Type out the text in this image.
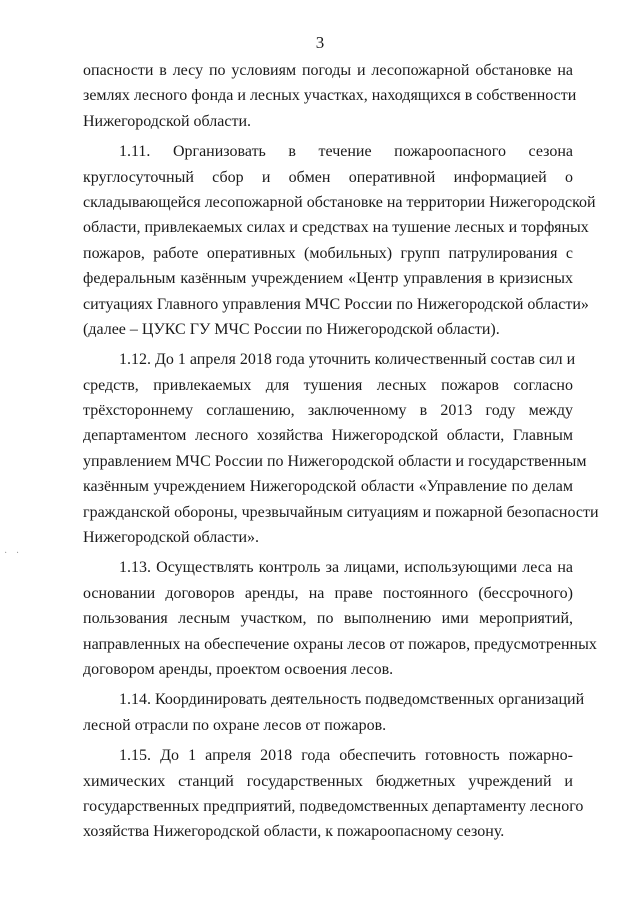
3
опасности в лесу по условиям погоды и лесопожарной обстановке на
землях лесного фонда и лесных участках, находящихся в собственности
Нижегородской области.
1.11. Организовать в течение пожароопасного сезона
круглосуточный сбор и обмен оперативной информацией о
складывающейся лесопожарной обстановке на территории Нижегородской
области, привлекаемых силах и средствах на тушение лесных и торфяных
пожаров, работе оперативных (мобильных) групп патрулирования с
федеральным казённым учреждением «Центр управления в кризисных
ситуациях Главного управления МЧС России по Нижегородской области»
(далее – ЦУКС ГУ МЧС России по Нижегородской области).
1.12. До 1 апреля 2018 года уточнить количественный состав сил и
средств, привлекаемых для тушения лесных пожаров согласно
трёхстороннему соглашению, заключенному в 2013 году между
департаментом лесного хозяйства Нижегородской области, Главным
управлением МЧС России по Нижегородской области и государственным
казённым учреждением Нижегородской области «Управление по делам
гражданской обороны, чрезвычайным ситуациям и пожарной безопасности
Нижегородской области».
1.13. Осуществлять контроль за лицами, использующими леса на
основании договоров аренды, на праве постоянного (бессрочного)
пользования лесным участком, по выполнению ими мероприятий,
направленных на обеспечение охраны лесов от пожаров, предусмотренных
договором аренды, проектом освоения лесов.
1.14. Координировать деятельность подведомственных организаций
лесной отрасли по охране лесов от пожаров.
1.15. До 1 апреля 2018 года обеспечить готовность пожарно-
химических станций государственных бюджетных учреждений и
государственных предприятий, подведомственных департаменту лесного
хозяйства Нижегородской области, к пожароопасному сезону.
· ·
